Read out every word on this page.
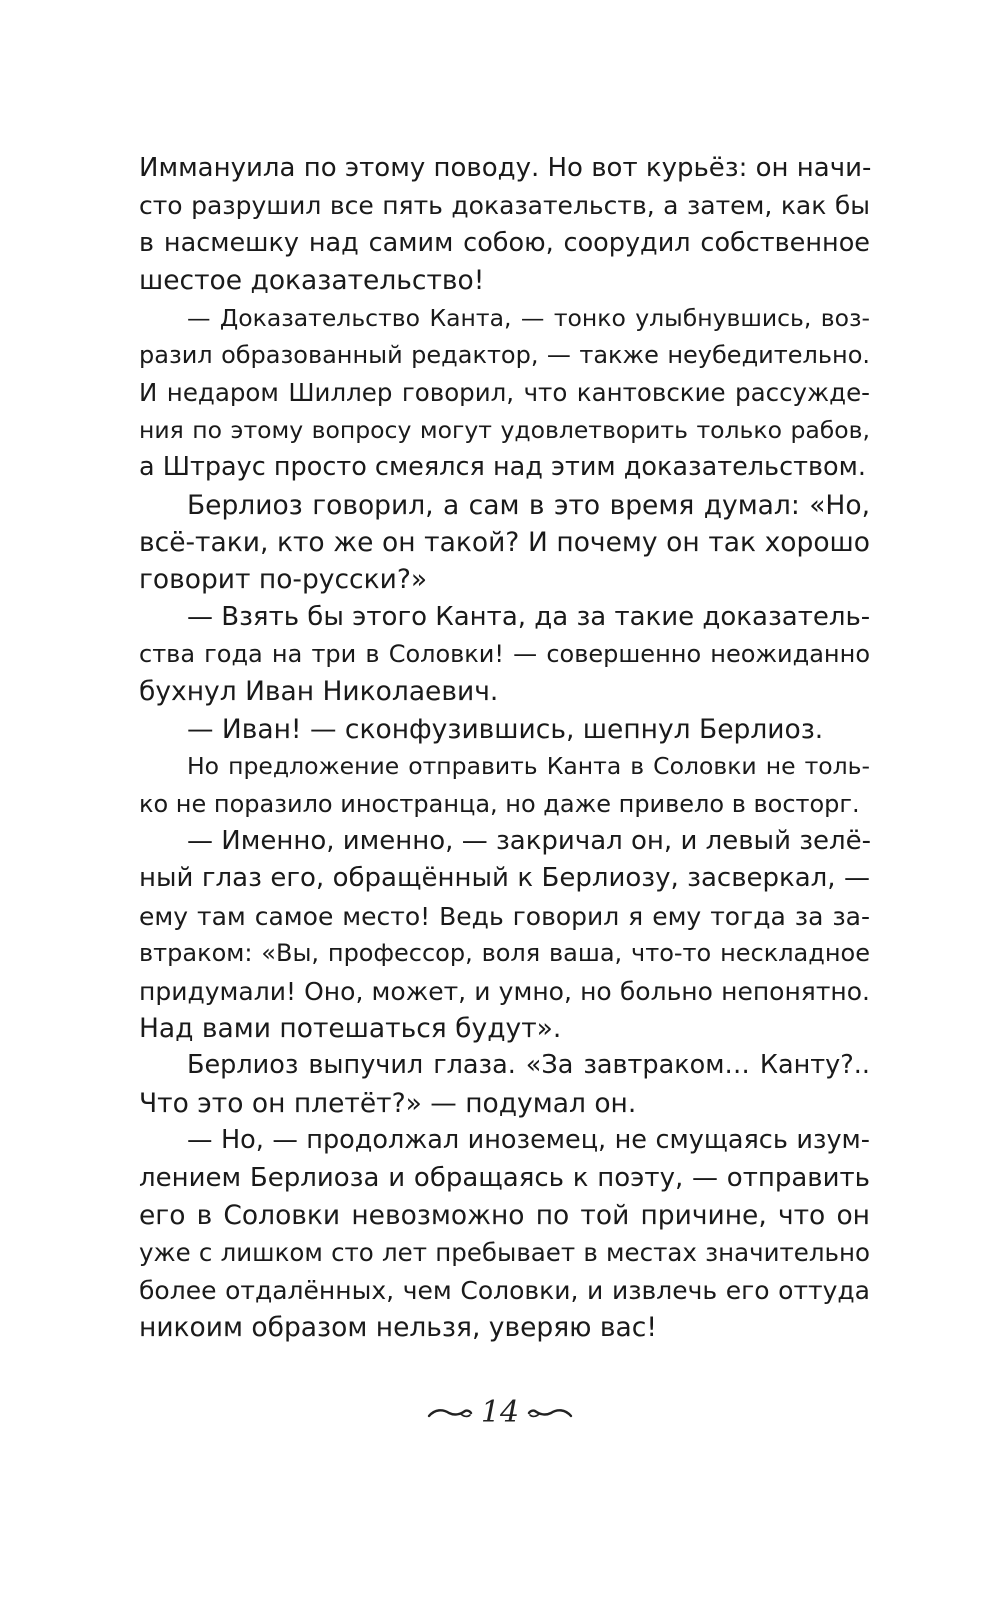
Иммануила по этому поводу. Но вот курьёз: он начи-
сто разрушил все пять доказательств, а затем, как бы
в насмешку над самим собою, соорудил собственное
шестое доказательство!
— Доказательство Канта, — тонко улыбнувшись, воз-
разил образованный редактор, — также неубедительно.
И недаром Шиллер говорил, что кантовские рассужде-
ния по этому вопросу могут удовлетворить только рабов,
а Штраус просто смеялся над этим доказательством.
Берлиоз говорил, а сам в это время думал: «Но,
всё-таки, кто же он такой? И почему он так хорошо
говорит по-русски?»
— Взять бы этого Канта, да за такие доказатель-
ства года на три в Соловки! — совершенно неожиданно
бухнул Иван Николаевич.
— Иван! — сконфузившись, шепнул Берлиоз.
Но предложение отправить Канта в Соловки не толь-
ко не поразило иностранца, но даже привело в восторг.
— Именно, именно, — закричал он, и левый зелё-
ный глаз его, обращённый к Берлиозу, засверкал, —
ему там самое место! Ведь говорил я ему тогда за за-
втраком: «Вы, профессор, воля ваша, что-то нескладное
придумали! Оно, может, и умно, но больно непонятно.
Над вами потешаться будут».
Берлиоз выпучил глаза. «За завтраком… Канту?..
Что это он плетёт?» — подумал он.
— Но, — продолжал иноземец, не смущаясь изум-
лением Берлиоза и обращаясь к поэту, — отправить
его в Соловки невозможно по той причине, что он
уже с лишком сто лет пребывает в местах значительно
более отдалённых, чем Соловки, и извлечь его оттуда
никоим образом нельзя, уверяю вас!
14
